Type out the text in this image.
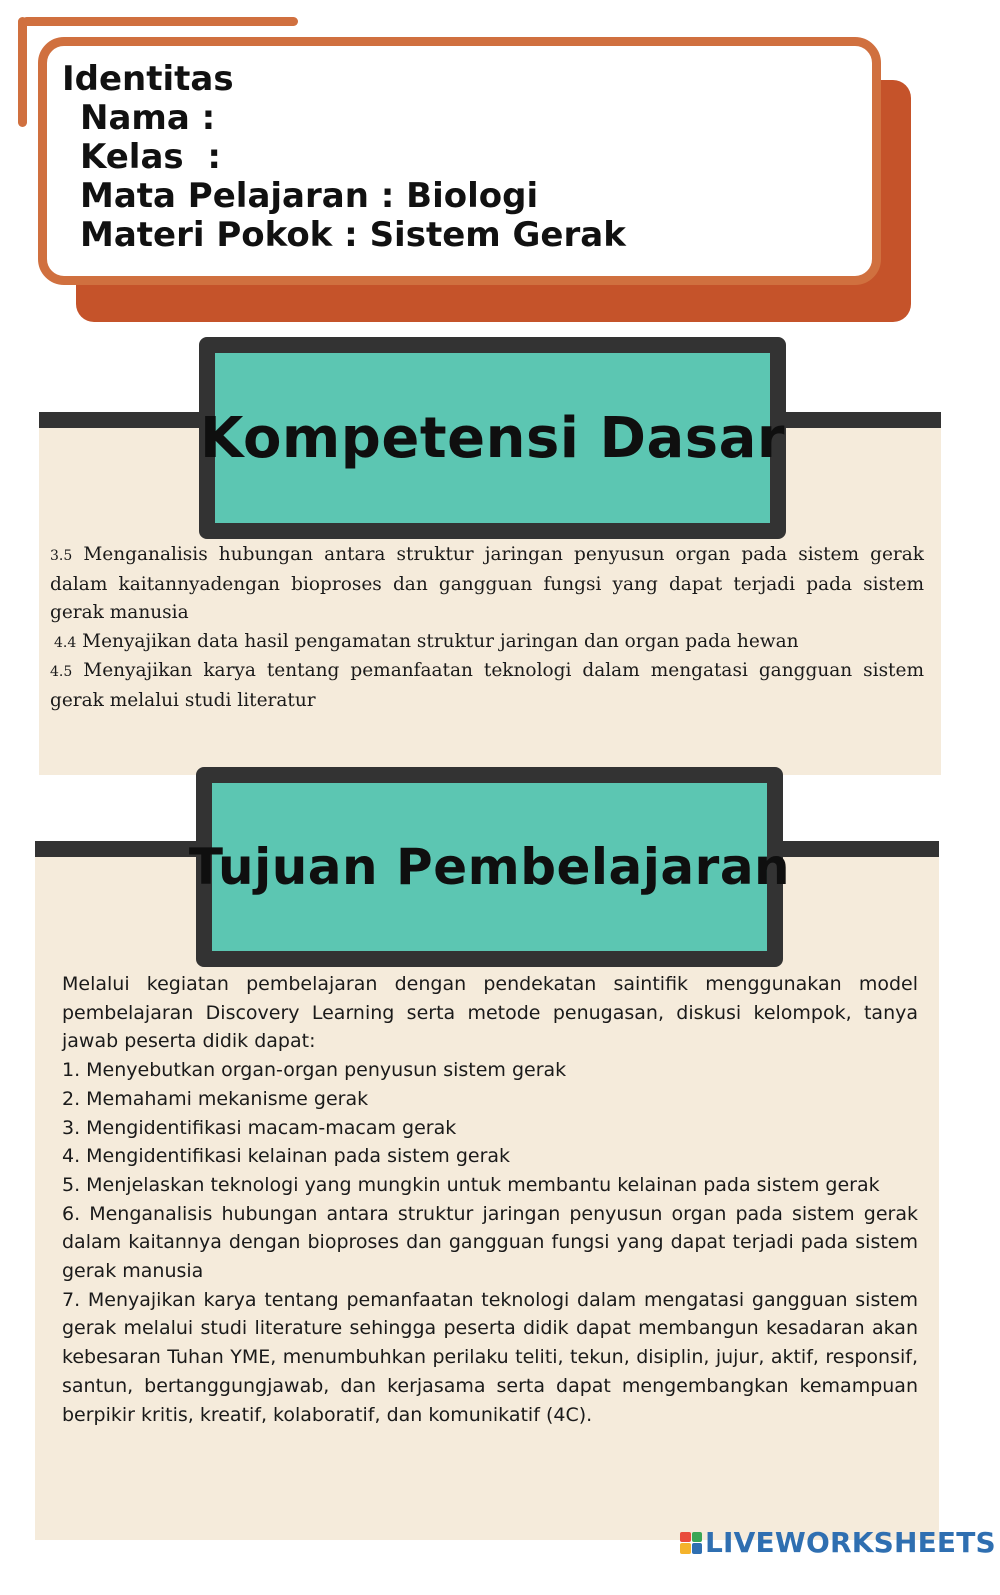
Identitas
Nama :
Kelas  :
Mata Pelajaran : Biologi
Materi Pokok : Sistem Gerak
Kompetensi Dasar

3.5 Menganalisis hubungan antara struktur jaringan penyusun organ pada sistem gerak dalam kaitannyadengan bioproses dan gangguan fungsi yang dapat terjadi pada sistem gerak manusia

4.4 Menyajikan data hasil pengamatan struktur jaringan dan organ pada hewan

4.5 Menyajikan karya tentang pemanfaatan teknologi dalam mengatasi gangguan sistem gerak melalui studi literatur

Tujuan Pembelajaran

Melalui kegiatan pembelajaran dengan pendekatan saintifik menggunakan model pembelajaran Discovery Learning serta metode penugasan, diskusi kelompok, tanya jawab peserta didik dapat:

1. Menyebutkan organ-organ penyusun sistem gerak

2. Memahami mekanisme gerak

3. Mengidentifikasi macam-macam gerak

4. Mengidentifikasi kelainan pada sistem gerak

5. Menjelaskan teknologi yang mungkin untuk membantu kelainan pada sistem gerak

6. Menganalisis hubungan antara struktur jaringan penyusun organ pada sistem gerak dalam kaitannya dengan bioproses dan gangguan fungsi yang dapat terjadi pada sistem gerak manusia

7. Menyajikan karya tentang pemanfaatan teknologi dalam mengatasi gangguan sistem gerak melalui studi literature sehingga peserta didik dapat membangun kesadaran akan kebesaran Tuhan YME, menumbuhkan perilaku teliti, tekun, disiplin, jujur, aktif, responsif, santun, bertanggungjawab, dan kerjasama serta dapat mengembangkan kemampuan berpikir kritis, kreatif, kolaboratif, dan komunikatif (4C).

LIVEWORKSHEETS
